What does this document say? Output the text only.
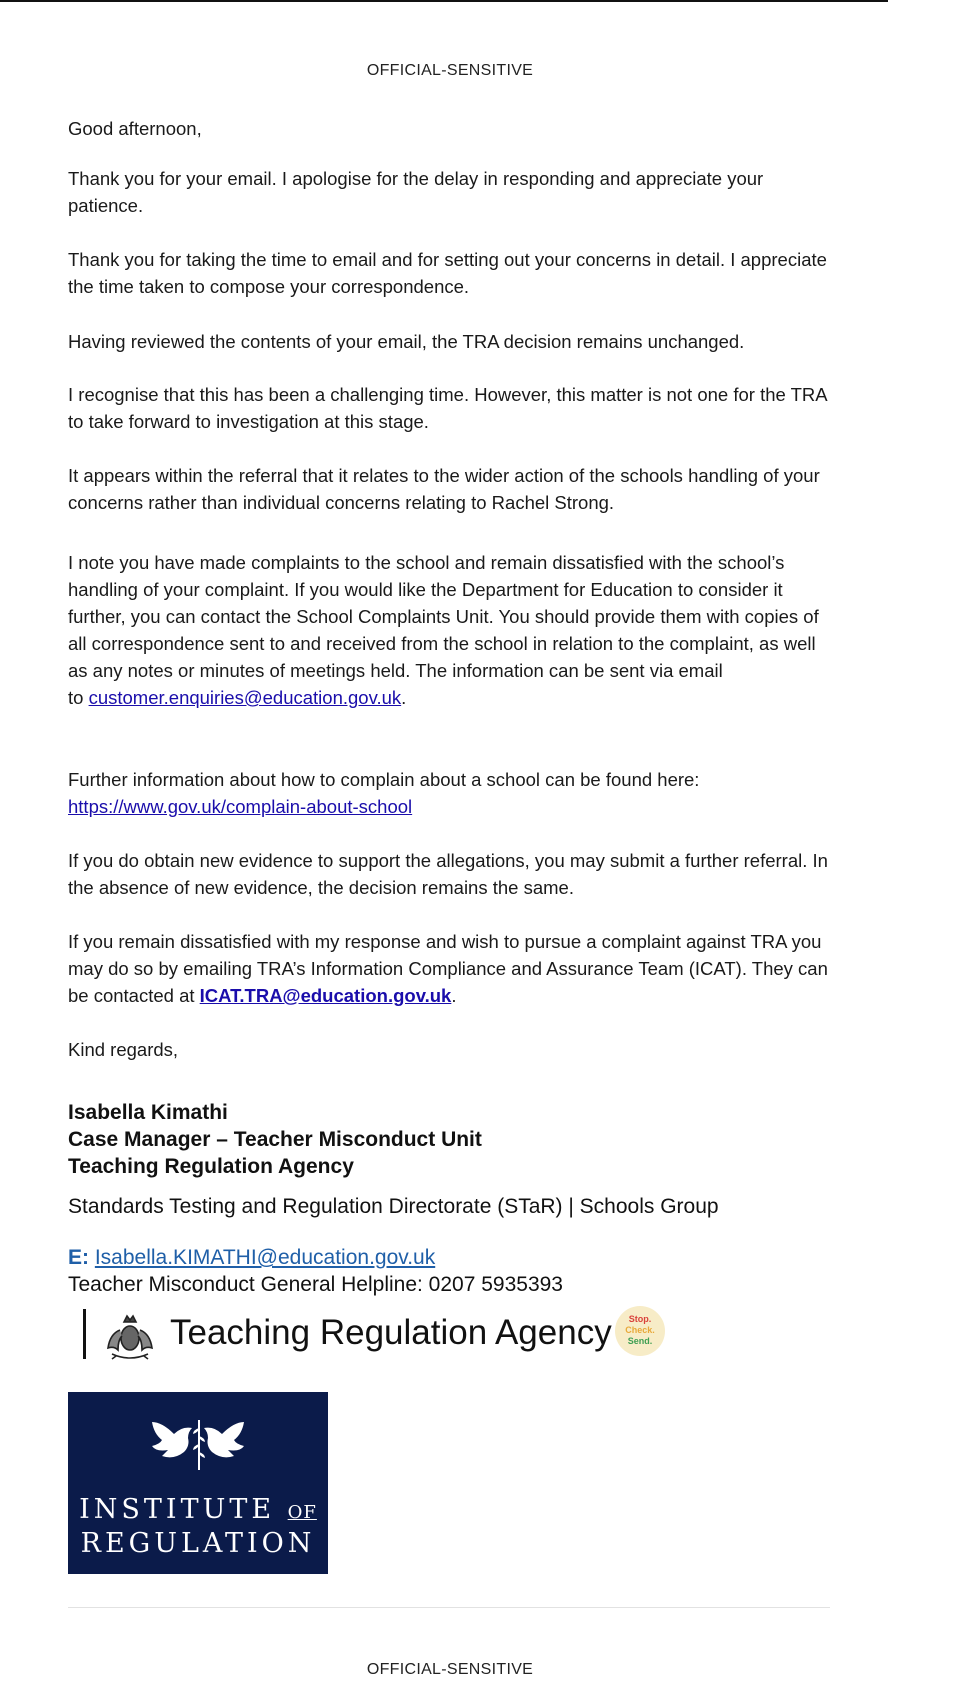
OFFICIAL-SENSITIVE

Good afternoon,

Thank you for your email. I apologise for the delay in responding and appreciate your patience.

Thank you for taking the time to email and for setting out your concerns in detail. I appreciate the time taken to compose your correspondence.

Having reviewed the contents of your email, the TRA decision remains unchanged.

I recognise that this has been a challenging time. However, this matter is not one for the TRA to take forward to investigation at this stage.

It appears within the referral that it relates to the wider action of the schools handling of your concerns rather than individual concerns relating to Rachel Strong.

I note you have made complaints to the school and remain dissatisfied with the school’s handling of your complaint. If you would like the Department for Education to consider it further, you can contact the School Complaints Unit. You should provide them with copies of all correspondence sent to and received from the school in relation to the complaint, as well as any notes or minutes of meetings held. The information can be sent via email
to customer.enquiries@education.gov.uk.

Further information about how to complain about a school can be found here:
https://www.gov.uk/complain-about-school

If you do obtain new evidence to support the allegations, you may submit a further referral. In the absence of new evidence, the decision remains the same.

If you remain dissatisfied with my response and wish to pursue a complaint against TRA you may do so by emailing TRA’s Information Compliance and Assurance Team (ICAT). They can be contacted at ICAT.TRA@education.gov.uk.

Kind regards,

Isabella Kimathi
Case Manager – Teacher Misconduct Unit
Teaching Regulation Agency
Standards Testing and Regulation Directorate (STaR) | Schools Group
E: Isabella.KIMATHI@education.gov.uk
Teacher Misconduct General Helpline: 0207 5935393
Teaching Regulation Agency	Stop.
Check.
Send.
INSTITUTE OF
REGULATION
OFFICIAL-SENSITIVE
